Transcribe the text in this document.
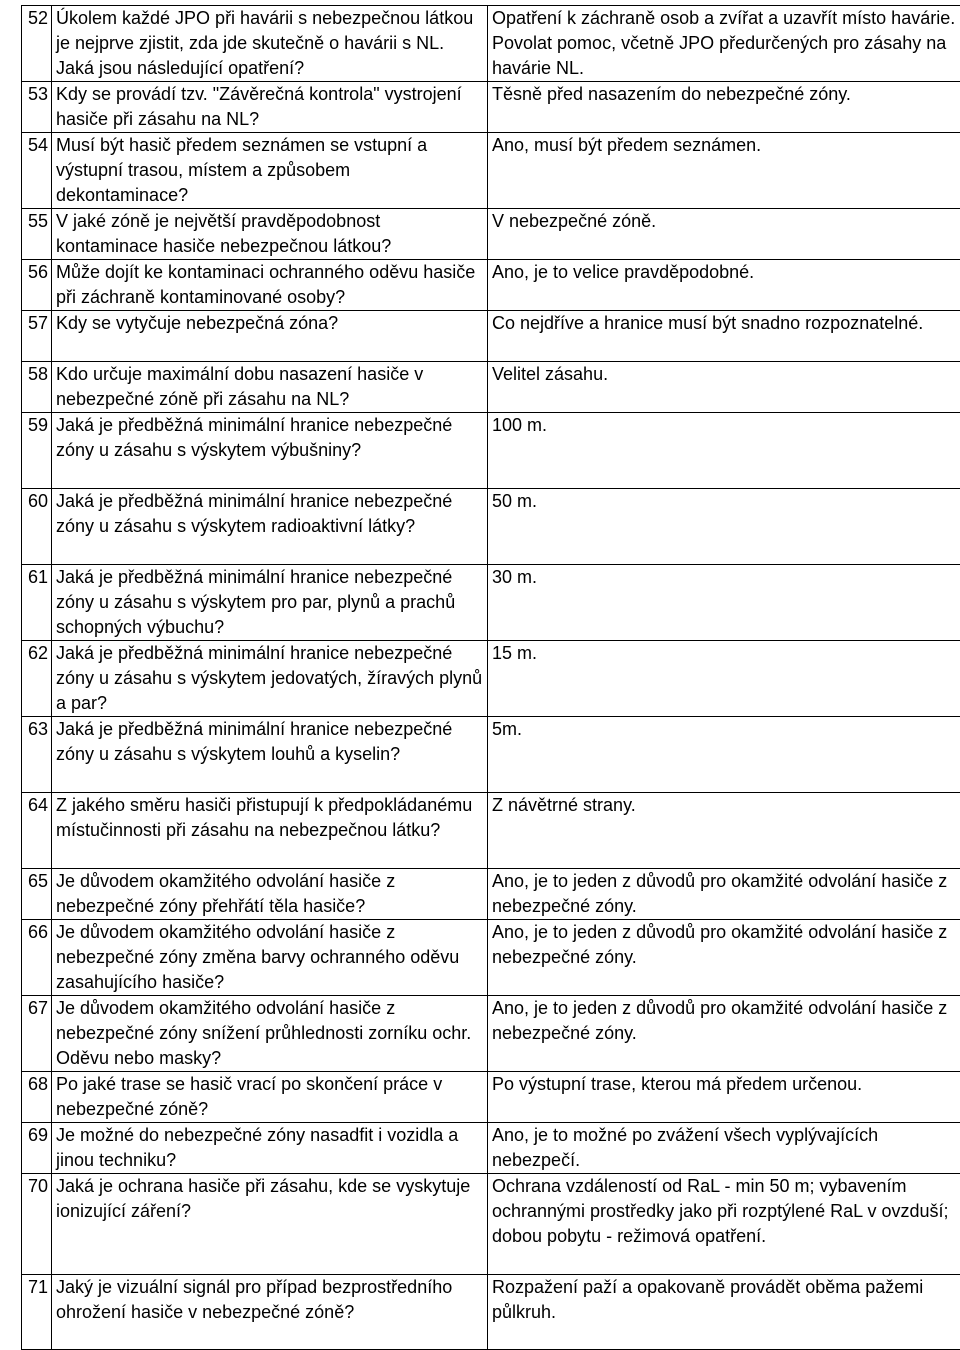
52	Úkolem každé JPO při havárii s nebezpečnou látkou je nejprve zjistit, zda jde skutečně o havárii s NL. Jaká jsou následující opatření?	Opatření k záchraně osob a zvířat a uzavřít místo havárie. Povolat pomoc, včetně JPO předurčených pro zásahy na havárie NL.
53	Kdy se provádí tzv. "Závěrečná kontrola" vystrojení hasiče při zásahu na NL?	Těsně před nasazením do nebezpečné zóny.
54	Musí být hasič předem seznámen se vstupní a výstupní trasou, místem a způsobem dekontaminace?	Ano, musí být předem seznámen.
55	V jaké zóně je největší pravděpodobnost kontaminace hasiče nebezpečnou látkou?	V nebezpečné zóně.
56	Může dojít ke kontaminaci ochranného oděvu hasiče při záchraně kontaminované osoby?	Ano, je to velice pravděpodobné.
57	Kdy se vytyčuje nebezpečná zóna?	Co nejdříve a hranice musí být snadno rozpoznatelné.
58	Kdo určuje maximální dobu nasazení hasiče v nebezpečné zóně při zásahu na NL?	Velitel zásahu.
59	Jaká je předběžná minimální hranice nebezpečné zóny u zásahu s výskytem výbušniny?	100 m.
60	Jaká je předběžná minimální hranice nebezpečné zóny u zásahu s výskytem radioaktivní látky?	50 m.
61	Jaká je předběžná minimální hranice nebezpečné zóny u zásahu s výskytem pro par, plynů a prachů schopných výbuchu?	30 m.
62	Jaká je předběžná minimální hranice nebezpečné zóny u zásahu s výskytem jedovatých, žíravých plynů a par?	15 m.
63	Jaká je předběžná minimální hranice nebezpečné zóny u zásahu s výskytem louhů a kyselin?	5m.
64	Z jakého směru hasiči přistupují k předpokládanému místučinnosti při zásahu na nebezpečnou látku?	Z návětrné strany.
65	Je důvodem okamžitého odvolání hasiče z nebezpečné zóny přehřátí těla hasiče?	Ano, je to jeden z důvodů pro okamžité odvolání hasiče z nebezpečné zóny.
66	Je důvodem okamžitého odvolání hasiče z nebezpečné zóny změna barvy ochranného oděvu zasahujícího hasiče?	Ano, je to jeden z důvodů pro okamžité odvolání hasiče z nebezpečné zóny.
67	Je důvodem okamžitého odvolání hasiče z nebezpečné zóny snížení průhlednosti zorníku ochr. Oděvu nebo masky?	Ano, je to jeden z důvodů pro okamžité odvolání hasiče z nebezpečné zóny.
68	Po jaké trase se hasič vrací po skončení práce v nebezpečné zóně?	Po výstupní trase, kterou má předem určenou.
69	Je možné do nebezpečné zóny nasadfit i vozidla a jinou techniku?	Ano, je to možné po zvážení všech vyplývajících nebezpečí.
70	Jaká je ochrana hasiče při zásahu, kde se vyskytuje ionizující záření?	Ochrana vzdáleností od RaL - min 50 m; vybavením ochrannými prostředky jako při rozptýlené RaL v ovzduší; dobou pobytu - režimová opatření.
71	Jaký je vizuální signál pro případ bezprostředního ohrožení hasiče v nebezpečné zóně?	Rozpažení paží a opakovaně provádět oběma pažemi půlkruh.
